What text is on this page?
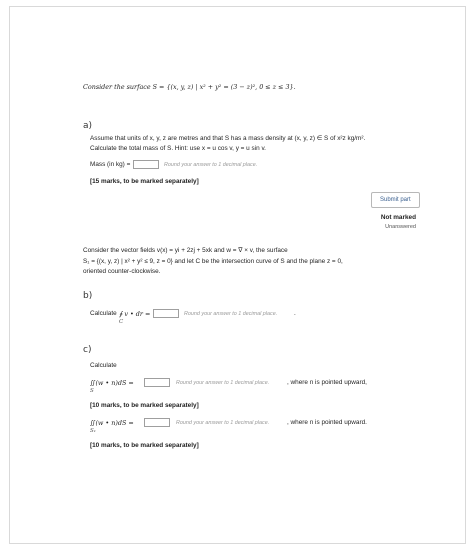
Consider the surface S = {(x, y, z) | x² + y² = (3 − z)², 0 ≤ z ≤ 3}.
a)
Assume that units of x, y, z are metres and that S has a mass density at (x, y, z) ∈ S of x²z kg/m².
Calculate the total mass of S. Hint: use x = u cos v, y = u sin v.
Mass (in kg) =	Round your answer to 1 decimal place.
[15 marks, to be marked separately]
Submit part
Not marked
Unanswered
Consider the vector fields v(x) = yi + 2zj + 5xk and w = ∇ × v, the surface
S₁ = {(x, y, z) | x² + y² ≤ 9, z = 0} and let C be the intersection curve of S and the plane z = 0,
oriented counter-clockwise.
b)
Calculate ∮ v • dr =
C
Round your answer to 1 decimal place.	.
c)
Calculate
∬(w • n)dS =
S
Round your answer to 1 decimal place.	, where n is pointed upward,
[10 marks, to be marked separately]
∬(w • n)dS =
S₁
Round your answer to 1 decimal place.	, where n is pointed upward.
[10 marks, to be marked separately]
